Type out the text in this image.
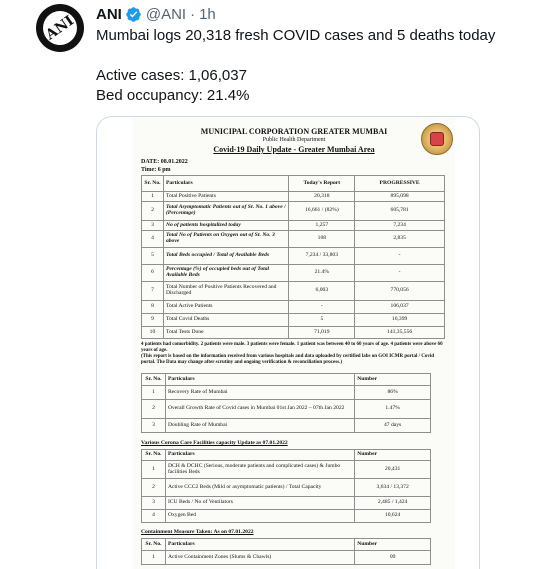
ANI ANI @ANI · 1h
Mumbai logs 20,318 fresh COVID cases and 5 deaths today
Active cases: 1,06,037
Bed occupancy: 21.4%
MUNICIPAL CORPORATION GREATER MUMBAI
Public Health Department
Covid-19 Daily Update - Greater Mumbai Area
DATE: 08.01.2022
Time: 6 pm
Sr. No.	Particulars	Today's Report	PROGRESSIVE
1	Total Positive Patients	20,318	895,098
2	Total Asymptomatic Patients out of Sr. No. 1 above / (Percentage)	16,661 / (82%)	605,781
3	No of patients hospitalized today	1,257	7,234
4	Total No of Patients on Oxygen out of Sr. No. 3 above	108	2,835
5	Total Beds occupied / Total of Available Beds	7,234 / 33,803	-
6	Percentage (%) of occupied beds out of Total Available Beds	21.4%	-
7	Total Number of Positive Patients Recovered and Discharged	6,003	770,056
8	Total Active Patients	-	106,037
9	Total Covid Deaths	5	16,399
10	Total Tests Done	71,019	141,35,556
4 patients had comorbidity. 2 patients were male. 3 patients were female. 1 patient was between 40 to 60 years of age. 4 patients were above 60 years of age.
(This report is based on the information received from various hospitals and data uploaded by certified labs on GOI ICMR portal / Covid portal. The Data may change after scrutiny and ongoing verification & reconciliation process.)
Sr. No.	Particulars	Number
1	Recovery Rate of Mumbai	86%
2	Overall Growth Rate of Covid cases in Mumbai 01st Jan 2022 – 07th Jan 2022	1.47%
3	Doubling Rate of Mumbai	47 days
Various Corona Care Facilities capacity Update as 07.01.2022
Sr. No.	Particulars	Number
1	DCH & DCHC (Serious, moderate patients and complicated cases) & Jumbo facilities Beds	20,431
2	Active CCC2 Beds (Mild or asymptomatic patients) / Total Capacity	3,634 / 13,372
3	ICU Beds / No of Ventilators	2,485 / 1,424
4	Oxygen Bed	10,624
Containment Measure Taken: As on 07.01.2022
Sr. No.	Particulars	Number
1	Active Containment Zones (Slums & Chawls)	09
